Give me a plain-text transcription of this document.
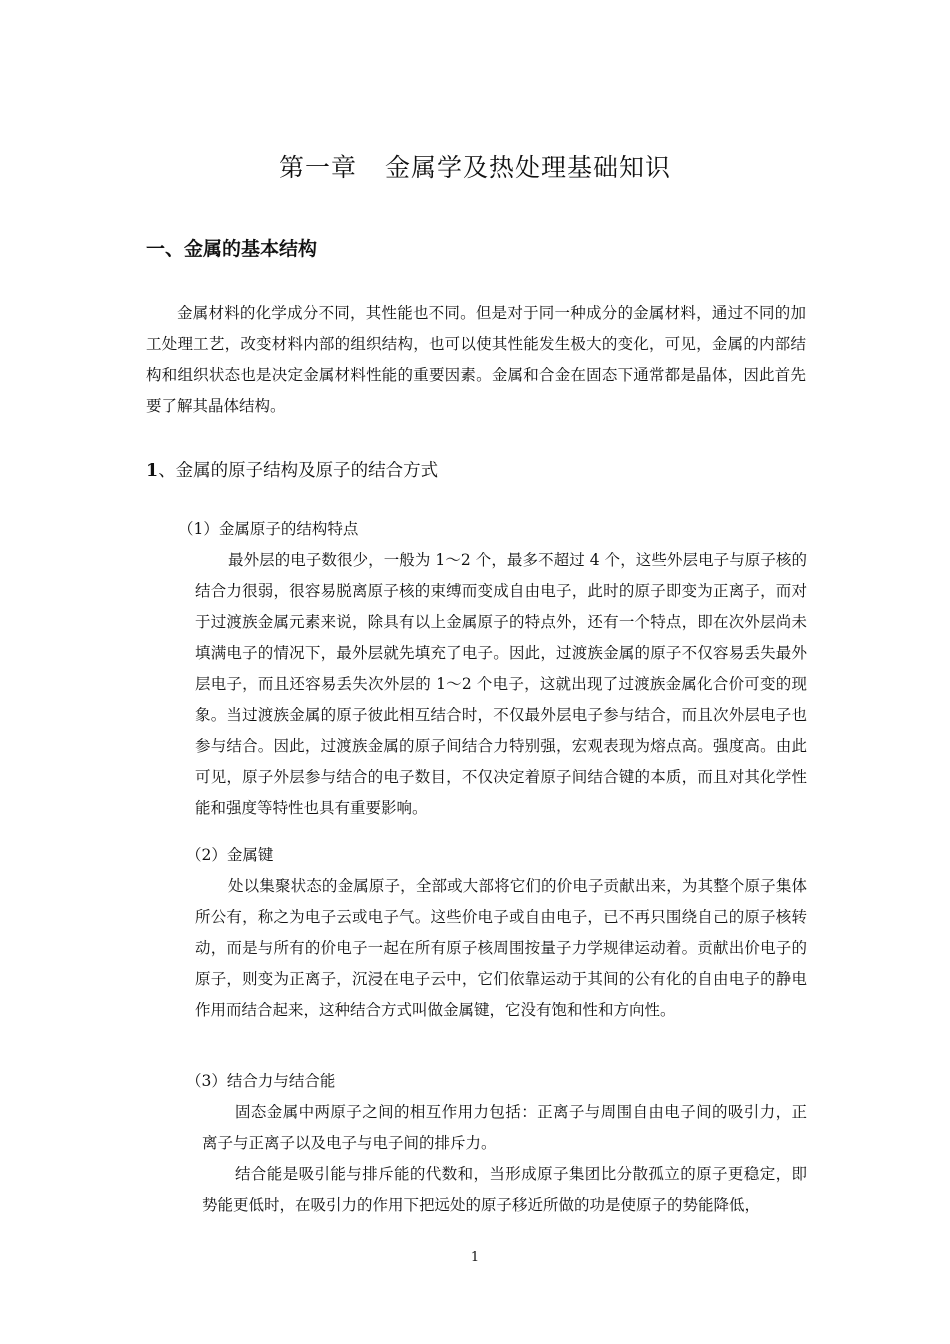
第一章 金属学及热处理基础知识
一、金属的基本结构

金属材料的化学成分不同，其性能也不同。但是对于同一种成分的金属材料，通过不同的加工处理工艺，改变材料内部的组织结构，也可以使其性能发生极大的变化，可见，金属的内部结构和组织状态也是决定金属材料性能的重要因素。金属和合金在固态下通常都是晶体，因此首先要了解其晶体结构。

1、金属的原子结构及原子的结合方式

（1）金属原子的结构特点

最外层的电子数很少，一般为 1～2 个，最多不超过 4 个，这些外层电子与原子核的结合力很弱，很容易脱离原子核的束缚而变成自由电子，此时的原子即变为正离子，而对于过渡族金属元素来说，除具有以上金属原子的特点外，还有一个特点，即在次外层尚未填满电子的情况下，最外层就先填充了电子。因此，过渡族金属的原子不仅容易丢失最外层电子，而且还容易丢失次外层的 1～2 个电子，这就出现了过渡族金属化合价可变的现象。当过渡族金属的原子彼此相互结合时，不仅最外层电子参与结合，而且次外层电子也参与结合。因此，过渡族金属的原子间结合力特别强，宏观表现为熔点高。强度高。由此可见，原子外层参与结合的电子数目，不仅决定着原子间结合键的本质，而且对其化学性能和强度等特性也具有重要影响。

（2）金属键

处以集聚状态的金属原子，全部或大部将它们的价电子贡献出来，为其整个原子集体所公有，称之为电子云或电子气。这些价电子或自由电子，已不再只围绕自己的原子核转动，而是与所有的价电子一起在所有原子核周围按量子力学规律运动着。贡献出价电子的原子，则变为正离子，沉浸在电子云中，它们依靠运动于其间的公有化的自由电子的静电作用而结合起来，这种结合方式叫做金属键，它没有饱和性和方向性。

（3）结合力与结合能

固态金属中两原子之间的相互作用力包括：正离子与周围自由电子间的吸引力，正离子与正离子以及电子与电子间的排斥力。

结合能是吸引能与排斥能的代数和，当形成原子集团比分散孤立的原子更稳定，即势能更低时，在吸引力的作用下把远处的原子移近所做的功是使原子的势能降低，

1
